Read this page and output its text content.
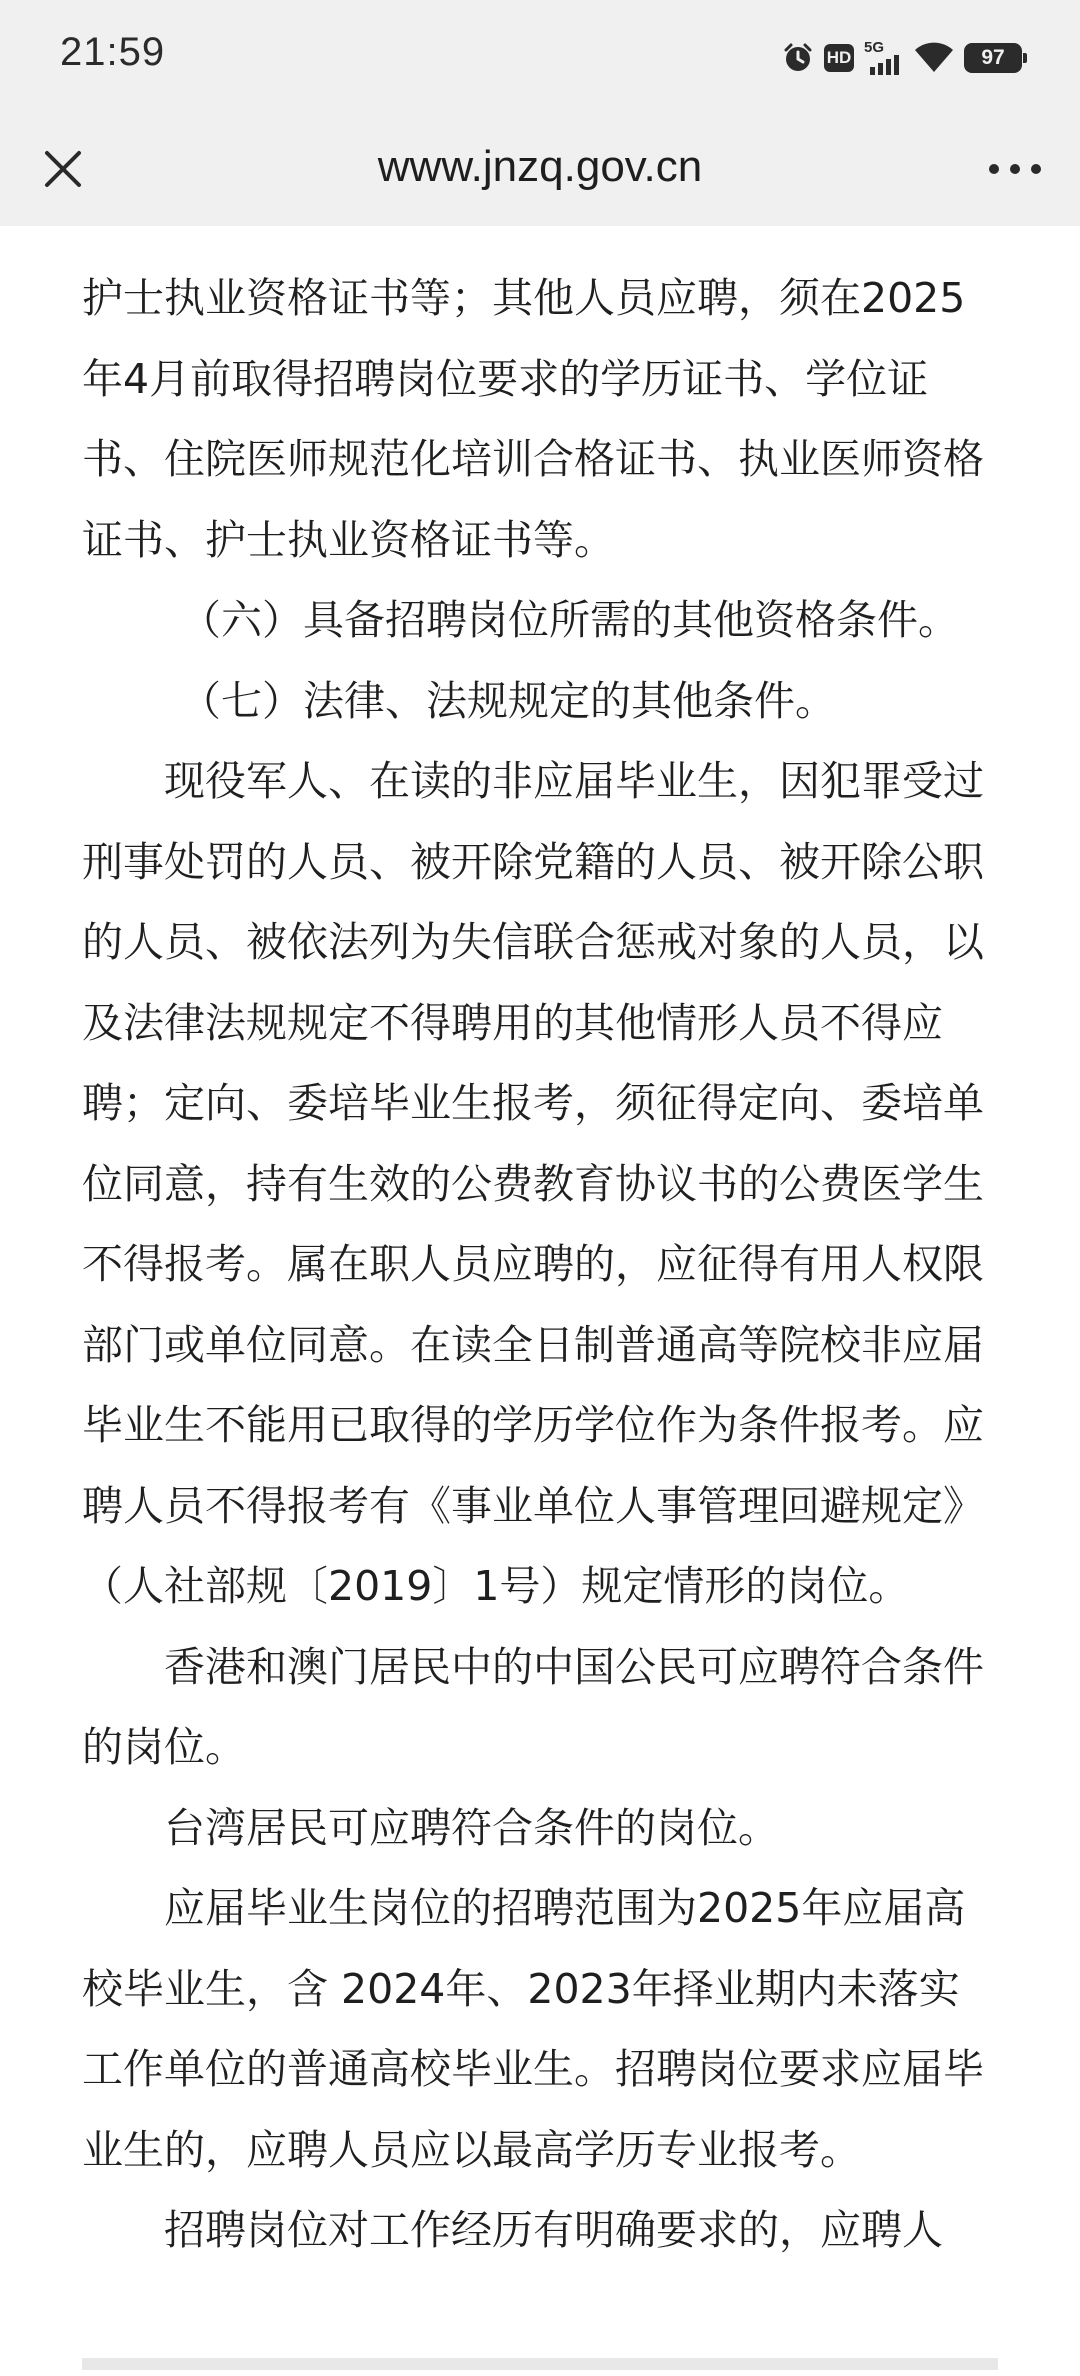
21:59	HD
5G	97
www.jnzq.gov.cn

护士执业资格证书等；其他人员应聘，须在2025年4月前取得招聘岗位要求的学历证书、学位证书、住院医师规范化培训合格证书、执业医师资格证书、护士执业资格证书等。

（六）具备招聘岗位所需的其他资格条件。

（七）法律、法规规定的其他条件。

现役军人、在读的非应届毕业生，因犯罪受过刑事处罚的人员、被开除党籍的人员、被开除公职的人员、被依法列为失信联合惩戒对象的人员，以及法律法规规定不得聘用的其他情形人员不得应聘；定向、委培毕业生报考，须征得定向、委培单位同意，持有生效的公费教育协议书的公费医学生不得报考。属在职人员应聘的，应征得有用人权限部门或单位同意。在读全日制普通高等院校非应届毕业生不能用已取得的学历学位作为条件报考。应聘人员不得报考有《事业单位人事管理回避规定》（人社部规〔2019〕1号）规定情形的岗位。

香港和澳门居民中的中国公民可应聘符合条件的岗位。

台湾居民可应聘符合条件的岗位。

应届毕业生岗位的招聘范围为2025年应届高校毕业生，含 2024年、2023年择业期内未落实工作单位的普通高校毕业生。招聘岗位要求应届毕业生的，应聘人员应以最高学历专业报考。

招聘岗位对工作经历有明确要求的，应聘人
